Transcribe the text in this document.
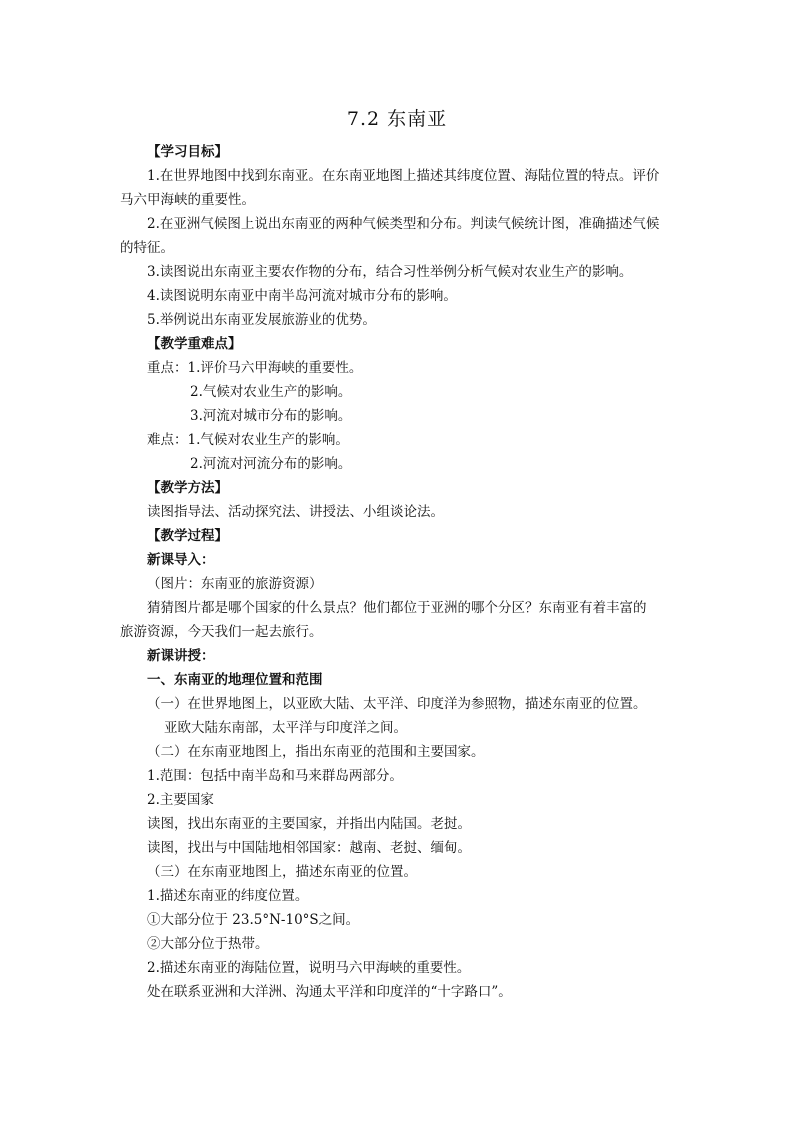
7.2 东南亚
【学习目标】
1.在世界地图中找到东南亚。在东南亚地图上描述其纬度位置、海陆位置的特点。评价
马六甲海峡的重要性。
2.在亚洲气候图上说出东南亚的两种气候类型和分布。判读气候统计图，准确描述气候
的特征。
3.读图说出东南亚主要农作物的分布，结合习性举例分析气候对农业生产的影响。
4.读图说明东南亚中南半岛河流对城市分布的影响。
5.举例说出东南亚发展旅游业的优势。
【教学重难点】
重点：1.评价马六甲海峡的重要性。
2.气候对农业生产的影响。
3.河流对城市分布的影响。
难点：1.气候对农业生产的影响。
2.河流对河流分布的影响。
【教学方法】
读图指导法、活动探究法、讲授法、小组谈论法。
【教学过程】
新课导入：
（图片：东南亚的旅游资源）
猜猜图片都是哪个国家的什么景点？他们都位于亚洲的哪个分区？东南亚有着丰富的
旅游资源，今天我们一起去旅行。
新课讲授：
一、东南亚的地理位置和范围
（一）在世界地图上，以亚欧大陆、太平洋、印度洋为参照物，描述东南亚的位置。
亚欧大陆东南部，太平洋与印度洋之间。
（二）在东南亚地图上，指出东南亚的范围和主要国家。
1.范围：包括中南半岛和马来群岛两部分。
2.主要国家
读图，找出东南亚的主要国家，并指出内陆国。老挝。
读图，找出与中国陆地相邻国家：越南、老挝、缅甸。
（三）在东南亚地图上，描述东南亚的位置。
1.描述东南亚的纬度位置。
①大部分位于 23.5°N-10°S之间。
②大部分位于热带。
2.描述东南亚的海陆位置，说明马六甲海峡的重要性。
处在联系亚洲和大洋洲、沟通太平洋和印度洋的“十字路口”。
